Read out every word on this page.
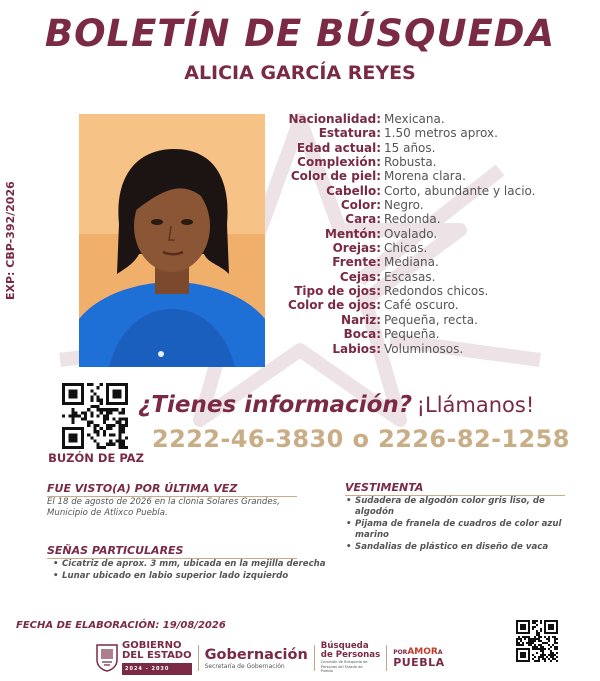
BOLETÍN DE BÚSQUEDA
ALICIA GARCÍA REYES
EXP: CBP-392/2026
Nacionalidad: Mexicana.
Estatura: 1.50 metros aprox.
Edad actual: 15 años.
Complexión: Robusta.
Color de piel: Morena clara.
Cabello: Corto, abundante y lacio.
Color: Negro.
Cara: Redonda.
Mentón: Ovalado.
Orejas: Chicas.
Frente: Mediana.
Cejas: Escasas.
Tipo de ojos: Redondos chicos.
Color de ojos: Café oscuro.
Nariz: Pequeña, recta.
Boca: Pequeña.
Labios: Voluminosos.
BUZÓN DE PAZ
¿Tienes información? ¡Llámanos!
2222-46-3830 o 2226-82-1258
FUE VISTO(A) POR ÚLTIMA VEZ
El 18 de agosto de 2026 en la clonia Solares Grandes,
Municipio de Atlixco Puebla.
VESTIMENTA
• Sudadera de algodón color gris liso, de algodón
• Pijama de franela de cuadros de color azul marino
• Sandalias de plástico en diseño de vaca
SEÑAS PARTICULARES
• Cicatriz de aprox. 3 mm, ubicada en la mejilla derecha
• Lunar ubicado en labio superior lado izquierdo
FECHA DE ELABORACIÓN: 19/08/2026
GOBIERNO
DEL ESTADO
2024 - 2030
Gobernación
Secretaría de Gobernación
Búsqueda
de Personas
Comisión de Búsqueda de Personas del Estado de Puebla
PORAMORA
PUEBLA
